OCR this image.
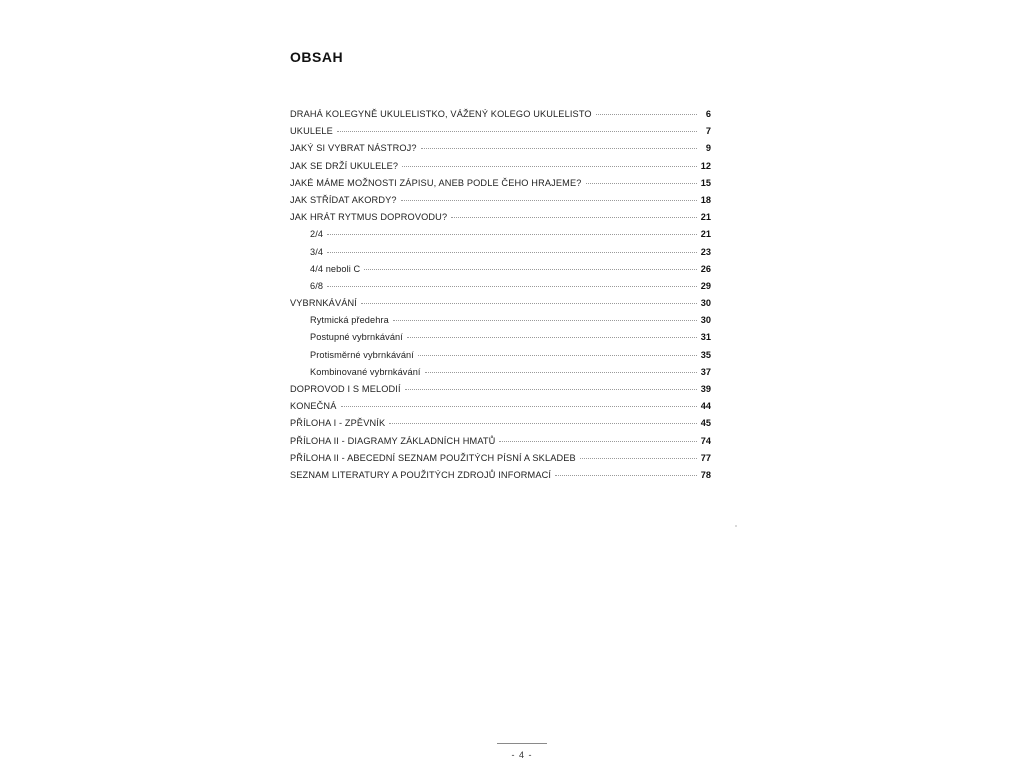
OBSAH
DRAHÁ KOLEGYNĚ UKULELISTKO, VÁŽENÝ KOLEGO UKULELISTO	6
UKULELE	7
JAKÝ SI VYBRAT NÁSTROJ?	9
JAK SE DRŽÍ UKULELE?	12
JAKÉ MÁME MOŽNOSTI ZÁPISU, ANEB PODLE ČEHO HRAJEME?	15
JAK STŘÍDAT AKORDY?	18
JAK HRÁT RYTMUS DOPROVODU?	21
2/4	21
3/4	23
4/4 neboli C	26
6/8	29
VYBRNKÁVÁNÍ	30
Rytmická předehra	30
Postupné vybrnkávání	31
Protisměrné vybrnkávání	35
Kombinované vybrnkávání	37
DOPROVOD I S MELODIÍ	39
KONEČNÁ	44
PŘÍLOHA I - ZPĚVNÍK	45
PŘÍLOHA II - DIAGRAMY ZÁKLADNÍCH HMATŮ	74
PŘÍLOHA II - ABECEDNÍ SEZNAM POUŽITÝCH PÍSNÍ A SKLADEB	77
SEZNAM LITERATURY A POUŽITÝCH ZDROJŮ INFORMACÍ	78
- 4 -
